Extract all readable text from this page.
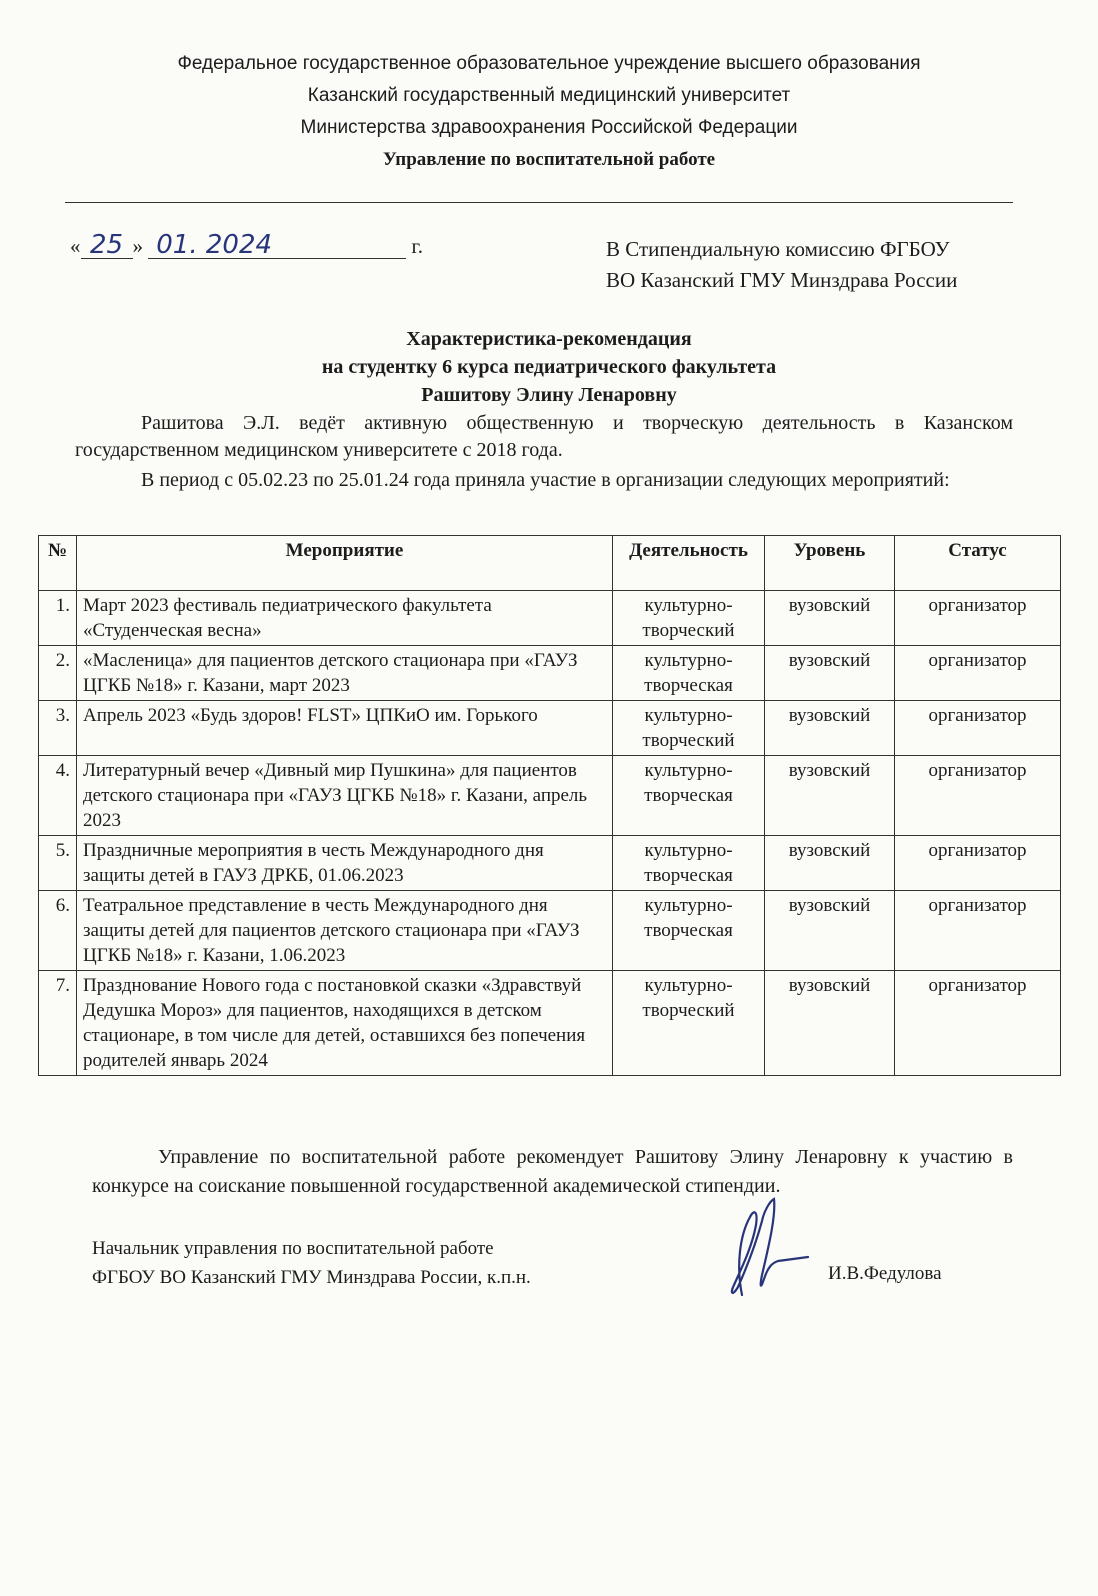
Федеральное государственное образовательное учреждение высшего образования
Казанский государственный медицинский университет
Министерства здравоохранения Российской Федерации
Управление по воспитательной работе
« 25 » 01. 2024	г.	В Стипендиальную комиссию ФГБОУ
ВО Казанский ГМУ Минздрава России
Характеристика-рекомендация
на студентку 6 курса педиатрического факультета
Рашитову Элину Ленаровну
Рашитова Э.Л. ведёт активную общественную и творческую деятельность в Казанском государственном медицинском университете с 2018 года.
В период с 05.02.23 по 25.01.24 года приняла участие в организации следующих мероприятий:
№	Мероприятие	Деятельность	Уровень	Статус
1.	Март 2023 фестиваль педиатрического факультета «Студенческая весна»	культурно-творческий	вузовский	организатор
2.	«Масленица» для пациентов детского стационара при «ГАУЗ ЦГКБ №18» г. Казани, март 2023	культурно-творческая	вузовский	организатор
3.	Апрель 2023 «Будь здоров! FLST» ЦПКиО им. Горького	культурно-творческий	вузовский	организатор
4.	Литературный вечер «Дивный мир Пушкина» для пациентов детского стационара при «ГАУЗ ЦГКБ №18» г. Казани, апрель 2023	культурно-творческая	вузовский	организатор
5.	Праздничные мероприятия в честь Международного дня защиты детей в ГАУЗ ДРКБ, 01.06.2023	культурно-творческая	вузовский	организатор
6.	Театральное представление в честь Международного дня защиты детей для пациентов детского стационара при «ГАУЗ ЦГКБ №18» г. Казани, 1.06.2023	культурно-творческая	вузовский	организатор
7.	Празднование Нового года с постановкой сказки «Здравствуй Дедушка Мороз» для пациентов, находящихся в детском стационаре, в том числе для детей, оставшихся без попечения родителей январь 2024	культурно-творческий	вузовский	организатор
Управление по воспитательной работе рекомендует Рашитову Элину Ленаровну к участию в конкурсе на соискание повышенной государственной академической стипендии.
Начальник управления по воспитательной работе
ФГБОУ ВО Казанский ГМУ Минздрава России, к.п.н.	И.В.Федулова
